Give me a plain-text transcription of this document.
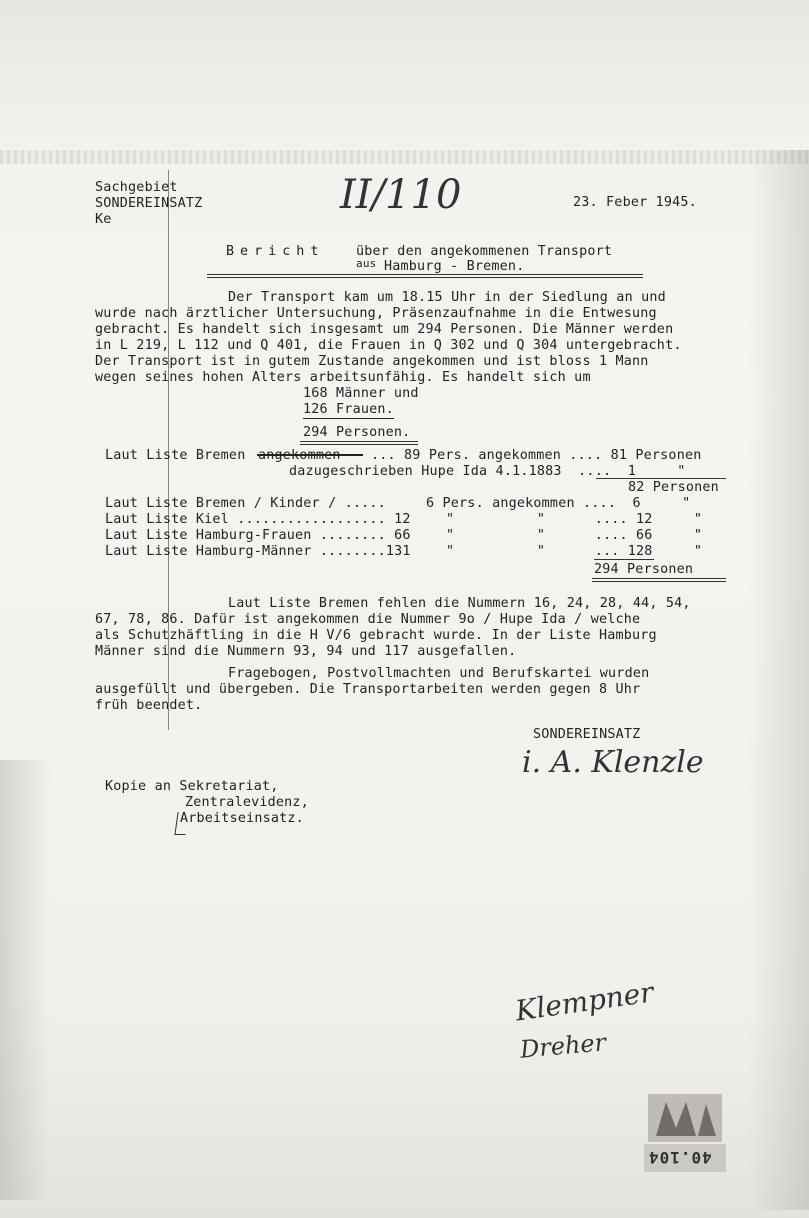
Sachgebiet
SONDEREINSATZ
Ke
II/110	23. Feber 1945.
Bericht über den angekommenen Transport
aus Hamburg - Bremen.
Der Transport kam um 18.15 Uhr in der Siedlung an und
wurde nach ärztlicher Untersuchung, Präsenzaufnahme in die Entwesung
gebracht. Es handelt sich insgesamt um 294 Personen. Die Männer werden
in L 219, L 112 und Q 401, die Frauen in Q 302 und Q 304 untergebracht.
Der Transport ist in gutem Zustande angekommen und ist bloss 1 Mann
wegen seines hohen Alters arbeitsunfähig. Es handelt sich um
168 Männer und
126 Frauen.
294 Personen.
Laut Liste Bremen	... 89 Pers. angekommen .... 81 Personen
dazugeschrieben Hupe Ida 4.1.1883  ....  1     "
82 Personen
Laut Liste Bremen / Kinder / .....	6 Pers. angekommen ....  6     "
Laut Liste Kiel .................. 12	"          "      .... 12     "
Laut Liste Hamburg-Frauen ........ 66	"          "      .... 66     "
Laut Liste Hamburg-Männer ........131	"          "      ... 128     "
294 Personen
Laut Liste Bremen fehlen die Nummern 16, 24, 28, 44, 54,
67, 78, 86. Dafür ist angekommen die Nummer 9o / Hupe Ida / welche
als Schutzhäftling in die H V/6 gebracht wurde. In der Liste Hamburg
Männer sind die Nummern 93, 94 und 117 ausgefallen.
Fragebogen, Postvollmachten und Berufskartei wurden
ausgefüllt und übergeben. Die Transportarbeiten werden gegen 8 Uhr
früh beendet.
SONDEREINSATZ
i. A. Klenzle
Kopie an Sekretariat,
Zentralevidenz,
Arbeitseinsatz.
Klempner
Dreher
40.104
